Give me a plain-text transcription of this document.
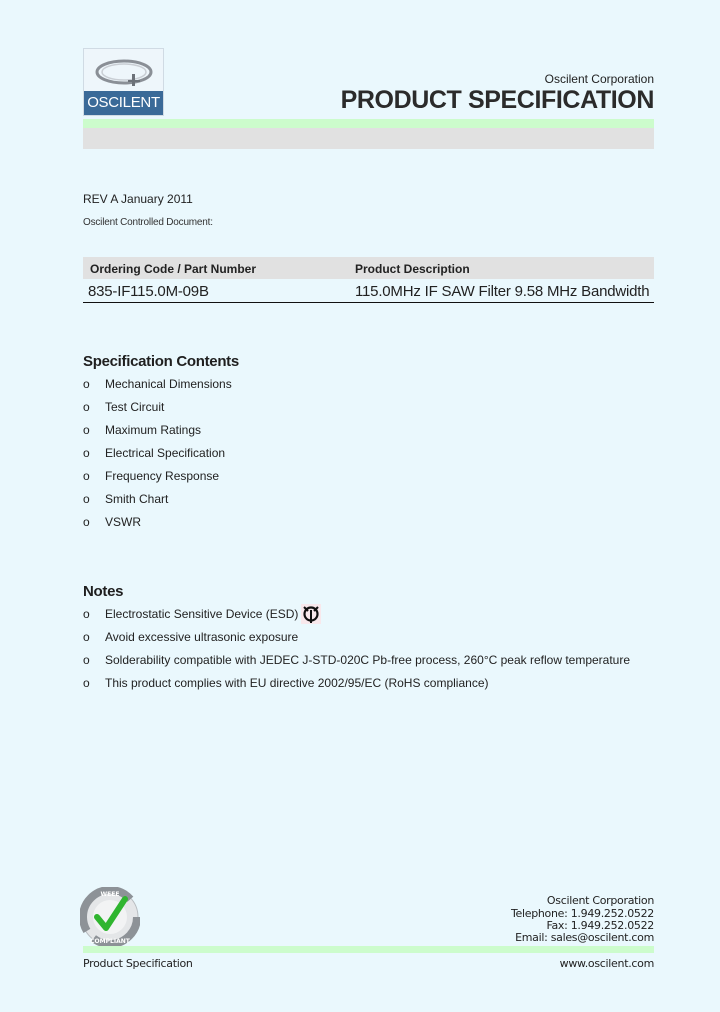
OSCILENT
Oscilent Corporation
PRODUCT SPECIFICATION
REV A January 2011
Oscilent Controlled Document:
Ordering Code / Part Number	Product Description
835-IF115.0M-09B	115.0MHz IF SAW Filter 9.58 MHz Bandwidth
Specification Contents
o Mechanical Dimensions
o Test Circuit
o Maximum Ratings
o Electrical Specification
o Frequency Response
o Smith Chart
o VSWR
Notes
o Electrostatic Sensitive Device (ESD)
o Avoid excessive ultrasonic exposure
o Solderability compatible with JEDEC J-STD-020C Pb-free process, 260°C peak reflow temperature
o This product complies with EU directive 2002/95/EC (RoHS compliance)
WEEE
COMPLIANT
Oscilent Corporation
Telephone: 1.949.252.0522
Fax: 1.949.252.0522
Email: sales@oscilent.com
Product Specification	www.oscilent.com
